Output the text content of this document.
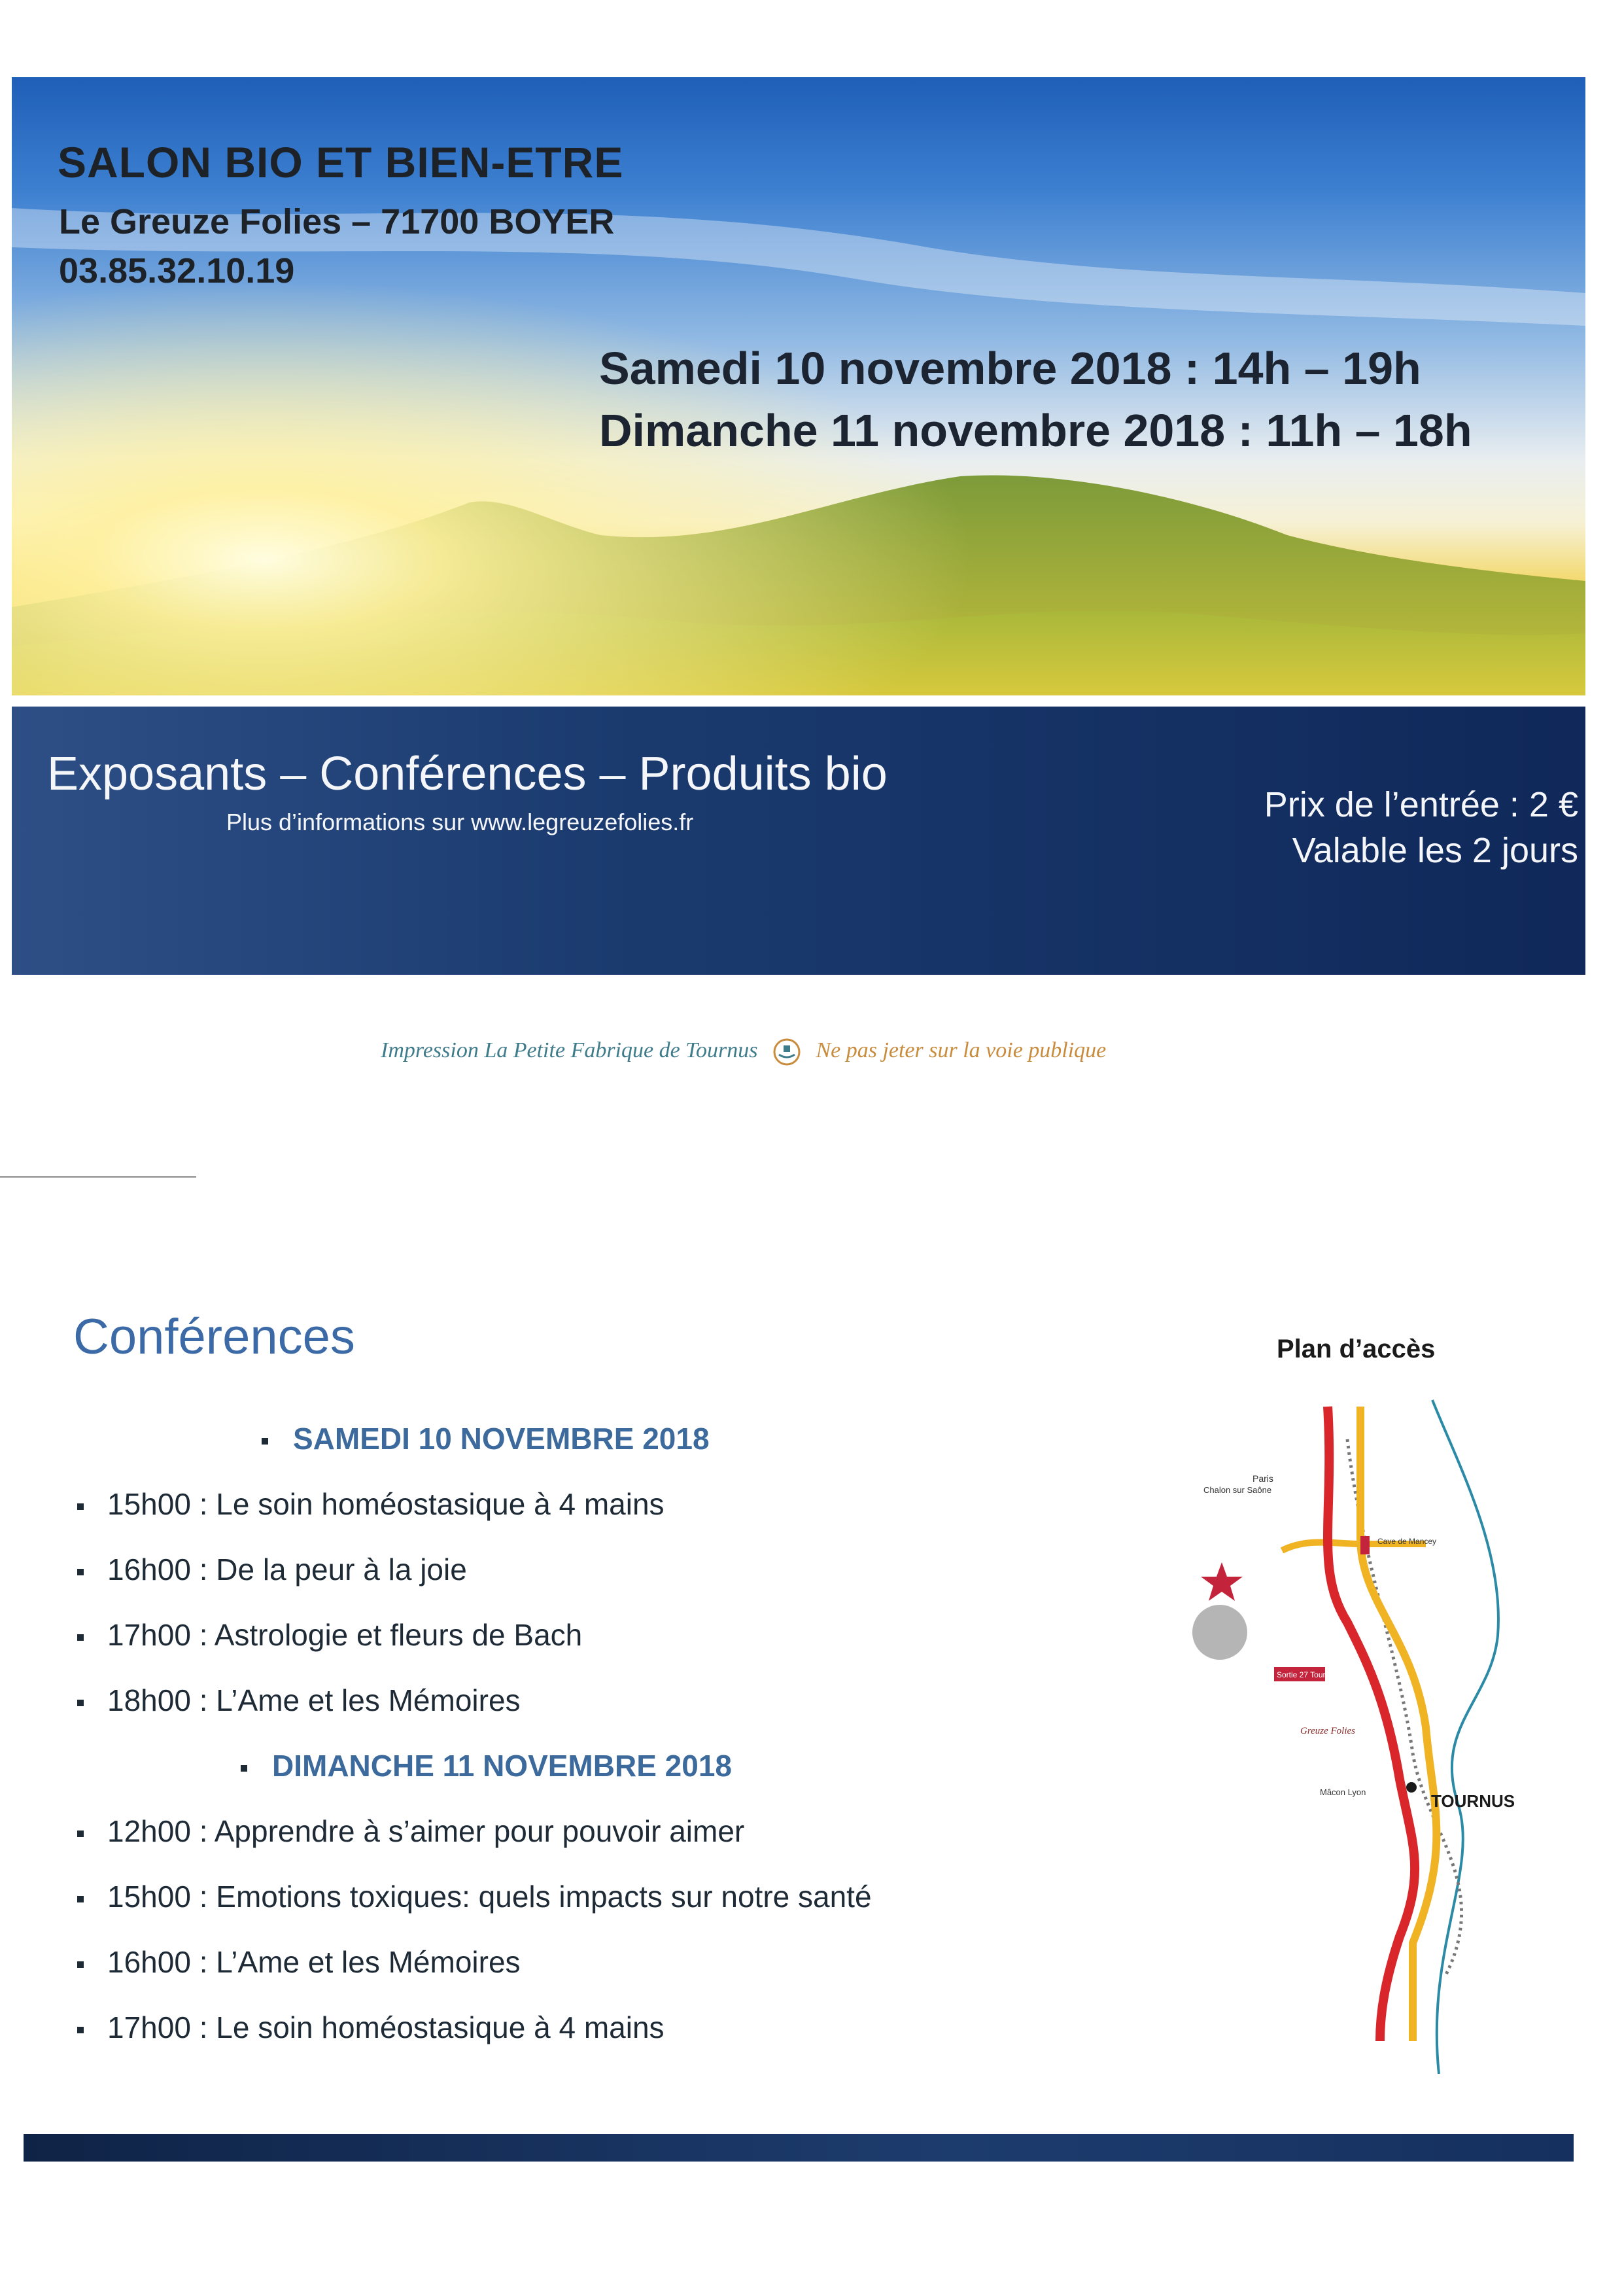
SALON BIO ET BIEN-ETRE
Le Greuze Folies – 71700 BOYER
03.85.32.10.19
Samedi 10 novembre 2018 : 14h – 19h
Dimanche 11 novembre 2018 : 11h – 18h
Exposants – Conférences – Produits bio
Plus d’informations sur www.legreuzefolies.fr	Prix de l’entrée : 2 €
Valable les 2 jours
Impression La Petite Fabrique de Tournus	Ne pas jeter sur la voie publique
Conférences
SAMEDI 10 NOVEMBRE 2018
15h00 : Le soin homéostasique à 4 mains
16h00 : De la peur à la joie
17h00 : Astrologie et fleurs de Bach
18h00 : L’Ame et les Mémoires
DIMANCHE 11 NOVEMBRE 2018
12h00 : Apprendre à s’aimer pour pouvoir aimer
15h00 : Emotions toxiques: quels impacts sur notre santé
16h00 : L’Ame et les Mémoires
17h00 : Le soin homéostasique à 4 mains
Plan d’accès
Paris
Chalon sur Saône
Cave de Mancey
Sortie 27 Tournus
Greuze Folies
Mâcon Lyon	TOURNUS
